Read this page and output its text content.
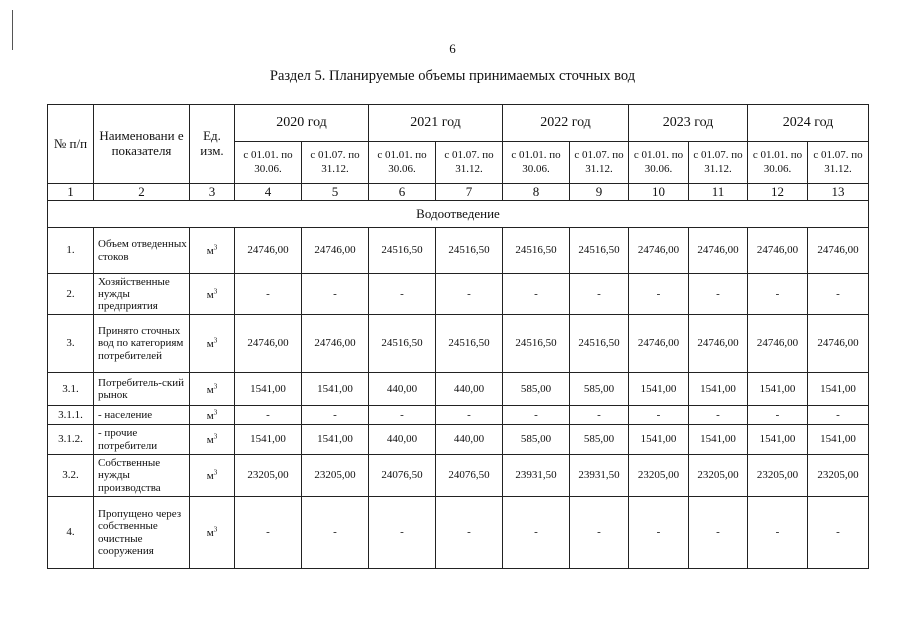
6
Раздел 5. Планируемые объемы принимаемых сточных вод
№ п/п	Наименовани е показателя	Ед. изм.	2020 год		2021 год		2022 год		2023 год		2024 год	
			с 01.01. по 30.06.	с 01.07. по 31.12.	с 01.01. по 30.06.	с 01.07. по 31.12.	с 01.01. по 30.06.	с 01.07. по 31.12.	с 01.01. по 30.06.	с 01.07. по 31.12.	с 01.01. по 30.06.	с 01.07. по 31.12.
1	2	3	4	5	6	7	8	9	10	11	12	13
Водоотведение												
1.	Объем отведенных стоков	$м^3$	24746,00	24746,00	24516,50	24516,50	24516,50	24516,50	24746,00	24746,00	24746,00	24746,00
2.	Хозяйственные нужды предприятия	$м^3$	-	-	-	-	-	-	-	-	-	-
3.	Принято сточных вод по категориям потребителей	$м^3$	24746,00	24746,00	24516,50	24516,50	24516,50	24516,50	24746,00	24746,00	24746,00	24746,00
3.1.	Потребитель-ский рынок	$м^3$	1541,00	1541,00	440,00	440,00	585,00	585,00	1541,00	1541,00	1541,00	1541,00
3.1.1.	- население	$м^3$	-	-	-	-	-	-	-	-	-	-
3.1.2.	- прочие потребители	$м^3$	1541,00	1541,00	440,00	440,00	585,00	585,00	1541,00	1541,00	1541,00	1541,00
3.2.	Собственные нужды производства	$м^3$	23205,00	23205,00	24076,50	24076,50	23931,50	23931,50	23205,00	23205,00	23205,00	23205,00
4.	Пропущено через собственные очистные сооружения	$м^3$	-	-	-	-	-	-	-	-	-	-
